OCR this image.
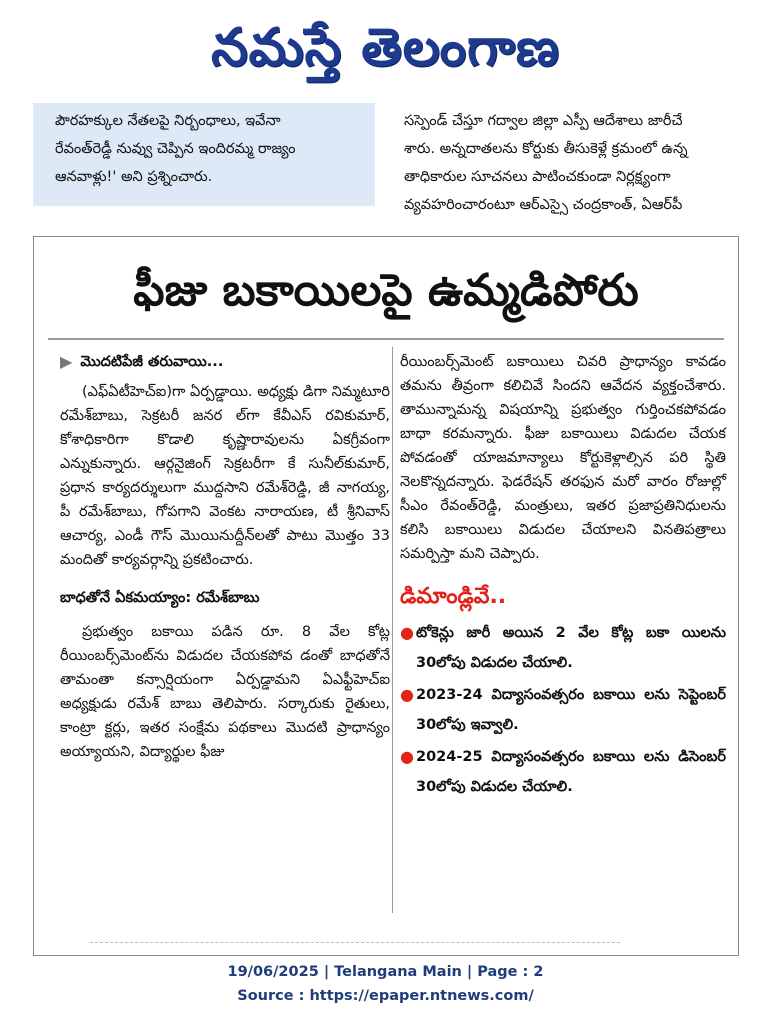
నమస్తే తెలంగాణ

పౌరహక్కుల నేతలపై నిర్బంధాలు, ఇవేనా

రేవంత్‌రెడ్డీ నువ్వు చెప్పిన ఇందిరమ్మ రాజ్యం

ఆనవాళ్లు!' అని ప్రశ్నించారు.

సస్పెండ్ చేస్తూ గద్వాల జిల్లా ఎస్పీ ఆదేశాలు జారీచే

శారు. అన్నదాతలను కోర్టుకు తీసుకెళ్లే క్రమంలో ఉన్న

తాధికారుల సూచనలు పాటించకుండా నిర్లక్ష్యంగా

వ్యవహరించారంటూ ఆర్ఎస్సై చంద్రకాంత్, ఏఆర్‌పీ

ఫీజు బకాయిలపై ఉమ్మడిపోరు

▶ మొదటిపేజీ తరువాయి...

(ఎఫ్ఏటీహెచ్ఐ)గా ఏర్పడ్డాయి. అధ్యక్షు డిగా నిమ్మటూరి రమేశ్‌బాబు, సెక్రటరీ జనర ల్‌గా కేవీఎస్ రవికుమార్, కోశాధికారిగా కొడాలి కృష్ణారావులను ఏకగ్రీవంగా ఎన్నుకున్నారు. ఆర్గనైజింగ్ సెక్రటరీగా కే సునీల్‌కుమార్, ప్రధాన కార్యదర్శులుగా ముద్దసాని రమేశ్‌రెడ్డి, జీ నాగయ్య, పీ రమేశ్‌బాబు, గోపగాని వెంకట నారాయణ, టీ శ్రీనివాస్ ఆచార్య, ఎండీ గౌస్ మొయినుద్దీన్‌లతో పాటు మొత్తం 33 మందితో కార్యవర్గాన్ని ప్రకటించారు.

బాధతోనే ఏకమయ్యాం: రమేశ్‌బాబు

ప్రభుత్వం బకాయి పడిన రూ. 8 వేల కోట్ల రీయింబర్స్‌మెంట్‌ను విడుదల చేయకపోవ డంతో బాధతోనే తామంతా కన్సార్షియంగా ఏర్పడ్డామని ఏఎఫ్టీహెచ్ఐ అధ్యక్షుడు రమేశ్ బాబు తెలిపారు. సర్కారుకు రైతులు, కాంట్రా క్టర్లు, ఇతర సంక్షేమ పథకాలు మొదటి ప్రాధాన్యం అయ్యాయని, విద్యార్థుల ఫీజు

రీయింబర్స్‌మెంట్ బకాయిలు చివరి ప్రాధాన్యం కావడం తమను తీవ్రంగా కలిచివే సిందని ఆవేదన వ్యక్తంచేశారు. తామున్నామన్న విషయాన్ని ప్రభుత్వం గుర్తించకపోవడం బాధా కరమన్నారు. ఫీజు బకాయిలు విడుదల చేయక పోవడంతో యాజమాన్యాలు కోర్టుకెళ్లాల్సిన పరి స్థితి నెలకొన్నదన్నారు. ఫెడరేషన్ తరఫున మరో వారం రోజుల్లో సీఎం రేవంత్‌రెడ్డి, మంత్రులు, ఇతర ప్రజాప్రతినిధులను కలిసి బకాయిలు విడుదల చేయాలని వినతిపత్రాలు సమర్పిస్తా మని చెప్పారు.

డిమాండ్లివే..

● టోకెన్లు జారీ అయిన 2 వేల కోట్ల బకా యిలను 30లోపు విడుదల చేయాలి.

● 2023-24 విద్యాసంవత్సరం బకాయి లను సెప్టెంబర్ 30లోపు ఇవ్వాలి.

● 2024-25 విద్యాసంవత్సరం బకాయి లను డిసెంబర్ 30లోపు విడుదల చేయాలి.

19/06/2025 | Telangana Main | Page : 2
Source : https://epaper.ntnews.com/
